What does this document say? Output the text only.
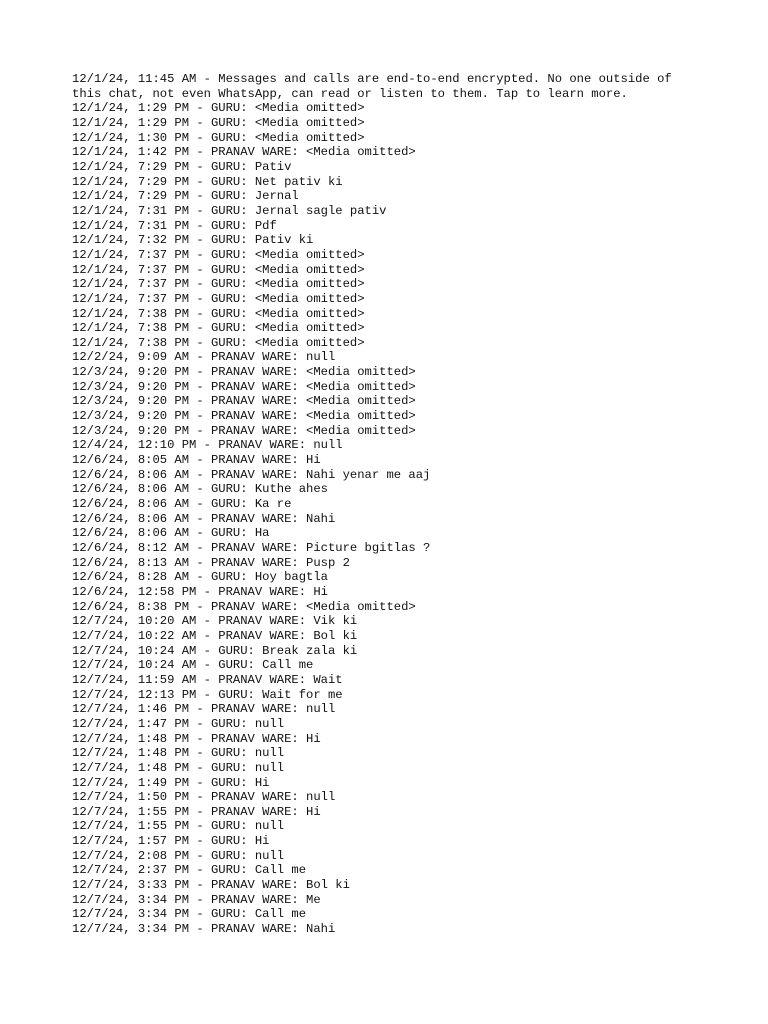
12/1/24, 11:45 AM - Messages and calls are end-to-end encrypted. No one outside of
this chat, not even WhatsApp, can read or listen to them. Tap to learn more.
12/1/24, 1:29 PM - GURU: <Media omitted>
12/1/24, 1:29 PM - GURU: <Media omitted>
12/1/24, 1:30 PM - GURU: <Media omitted>
12/1/24, 1:42 PM - PRANAV WARE: <Media omitted>
12/1/24, 7:29 PM - GURU: Pativ
12/1/24, 7:29 PM - GURU: Net pativ ki
12/1/24, 7:29 PM - GURU: Jernal
12/1/24, 7:31 PM - GURU: Jernal sagle pativ
12/1/24, 7:31 PM - GURU: Pdf
12/1/24, 7:32 PM - GURU: Pativ ki
12/1/24, 7:37 PM - GURU: <Media omitted>
12/1/24, 7:37 PM - GURU: <Media omitted>
12/1/24, 7:37 PM - GURU: <Media omitted>
12/1/24, 7:37 PM - GURU: <Media omitted>
12/1/24, 7:38 PM - GURU: <Media omitted>
12/1/24, 7:38 PM - GURU: <Media omitted>
12/1/24, 7:38 PM - GURU: <Media omitted>
12/2/24, 9:09 AM - PRANAV WARE: null
12/3/24, 9:20 PM - PRANAV WARE: <Media omitted>
12/3/24, 9:20 PM - PRANAV WARE: <Media omitted>
12/3/24, 9:20 PM - PRANAV WARE: <Media omitted>
12/3/24, 9:20 PM - PRANAV WARE: <Media omitted>
12/3/24, 9:20 PM - PRANAV WARE: <Media omitted>
12/4/24, 12:10 PM - PRANAV WARE: null
12/6/24, 8:05 AM - PRANAV WARE: Hi
12/6/24, 8:06 AM - PRANAV WARE: Nahi yenar me aaj
12/6/24, 8:06 AM - GURU: Kuthe ahes
12/6/24, 8:06 AM - GURU: Ka re
12/6/24, 8:06 AM - PRANAV WARE: Nahi
12/6/24, 8:06 AM - GURU: Ha
12/6/24, 8:12 AM - PRANAV WARE: Picture bgitlas ?
12/6/24, 8:13 AM - PRANAV WARE: Pusp 2
12/6/24, 8:28 AM - GURU: Hoy bagtla
12/6/24, 12:58 PM - PRANAV WARE: Hi
12/6/24, 8:38 PM - PRANAV WARE: <Media omitted>
12/7/24, 10:20 AM - PRANAV WARE: Vik ki
12/7/24, 10:22 AM - PRANAV WARE: Bol ki
12/7/24, 10:24 AM - GURU: Break zala ki
12/7/24, 10:24 AM - GURU: Call me
12/7/24, 11:59 AM - PRANAV WARE: Wait
12/7/24, 12:13 PM - GURU: Wait for me
12/7/24, 1:46 PM - PRANAV WARE: null
12/7/24, 1:47 PM - GURU: null
12/7/24, 1:48 PM - PRANAV WARE: Hi
12/7/24, 1:48 PM - GURU: null
12/7/24, 1:48 PM - GURU: null
12/7/24, 1:49 PM - GURU: Hi
12/7/24, 1:50 PM - PRANAV WARE: null
12/7/24, 1:55 PM - PRANAV WARE: Hi
12/7/24, 1:55 PM - GURU: null
12/7/24, 1:57 PM - GURU: Hi
12/7/24, 2:08 PM - GURU: null
12/7/24, 2:37 PM - GURU: Call me
12/7/24, 3:33 PM - PRANAV WARE: Bol ki
12/7/24, 3:34 PM - PRANAV WARE: Me
12/7/24, 3:34 PM - GURU: Call me
12/7/24, 3:34 PM - PRANAV WARE: Nahi
